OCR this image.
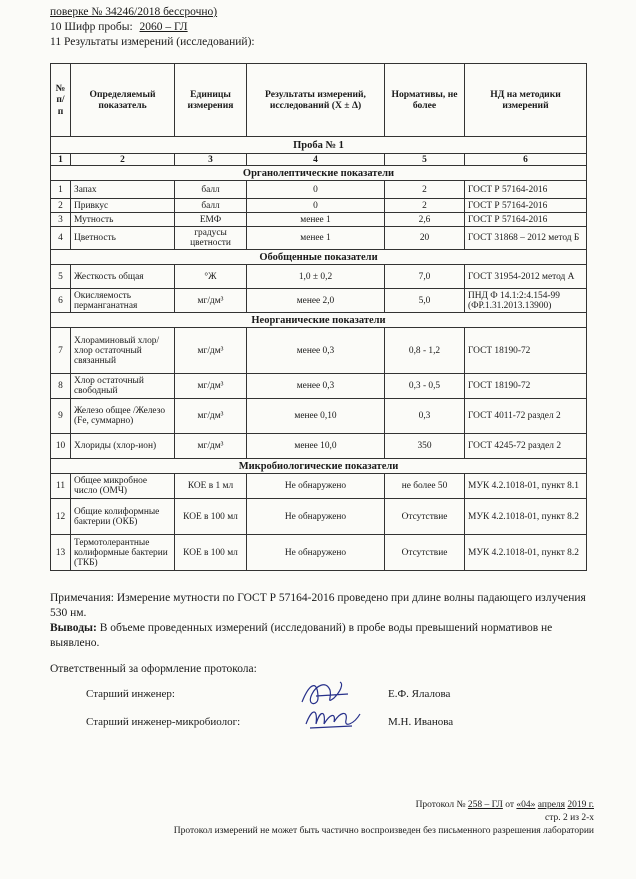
поверке № 34246/2018 бессрочно)
10 Шифр пробы: 2060 – ГЛ
11 Результаты измерений (исследований):
№ п/п	Определяемый показатель	Единицы измерения	Результаты измерений, исследований (X ± Δ)	Нормативы, не более	НД на методики измерений
Проба № 1					
1	2	3	4	5	6
Органолептические показатели					
1	Запах	балл	0	2	ГОСТ Р 57164-2016
2	Привкус	балл	0	2	ГОСТ Р 57164-2016
3	Мутность	ЕМФ	менее 1	2,6	ГОСТ Р 57164-2016
4	Цветность	градусы цветности	менее 1	20	ГОСТ 31868 – 2012 метод Б
Обобщенные показатели					
5	Жесткость общая	°Ж	1,0 ± 0,2	7,0	ГОСТ 31954-2012 метод А
6	Окисляемость перманганатная	мг/дм³	менее 2,0	5,0	ПНД Ф 14.1:2:4.154-99 (ФР.1.31.2013.13900)
Неорганические показатели					
7	Хлораминовый хлор/ хлор остаточный связанный	мг/дм³	менее 0,3	0,8 - 1,2	ГОСТ 18190-72
8	Хлор остаточный свободный	мг/дм³	менее 0,3	0,3 - 0,5	ГОСТ 18190-72
9	Железо общее /Железо (Fe, суммарно)	мг/дм³	менее 0,10	0,3	ГОСТ 4011-72 раздел 2
10	Хлориды (хлор-ион)	мг/дм³	менее 10,0	350	ГОСТ 4245-72 раздел 2
Микробиологические показатели					
11	Общее микробное число (ОМЧ)	КОЕ в 1 мл	Не обнаружено	не более 50	МУК 4.2.1018-01, пункт 8.1
12	Общие колиформные бактерии (ОКБ)	КОЕ в 100 мл	Не обнаружено	Отсутствие	МУК 4.2.1018-01, пункт 8.2
13	Термотолерантные колиформные бактерии (ТКБ)	КОЕ в 100 мл	Не обнаружено	Отсутствие	МУК 4.2.1018-01, пункт 8.2
Примечания: Измерение мутности по ГОСТ Р 57164-2016 проведено при длине волны падающего излучения 530 нм.
Выводы: В объеме проведенных измерений (исследований) в пробе воды превышений нормативов не выявлено.
Ответственный за оформление протокола:
Старший инженер:	Е.Ф. Ялалова
Старший инженер-микробиолог:	М.Н. Иванова
Протокол № 258 – ГЛ от «04» апреля 2019 г.
стр. 2 из 2-х
Протокол измерений не может быть частично воспроизведен без письменного разрешения лаборатории
